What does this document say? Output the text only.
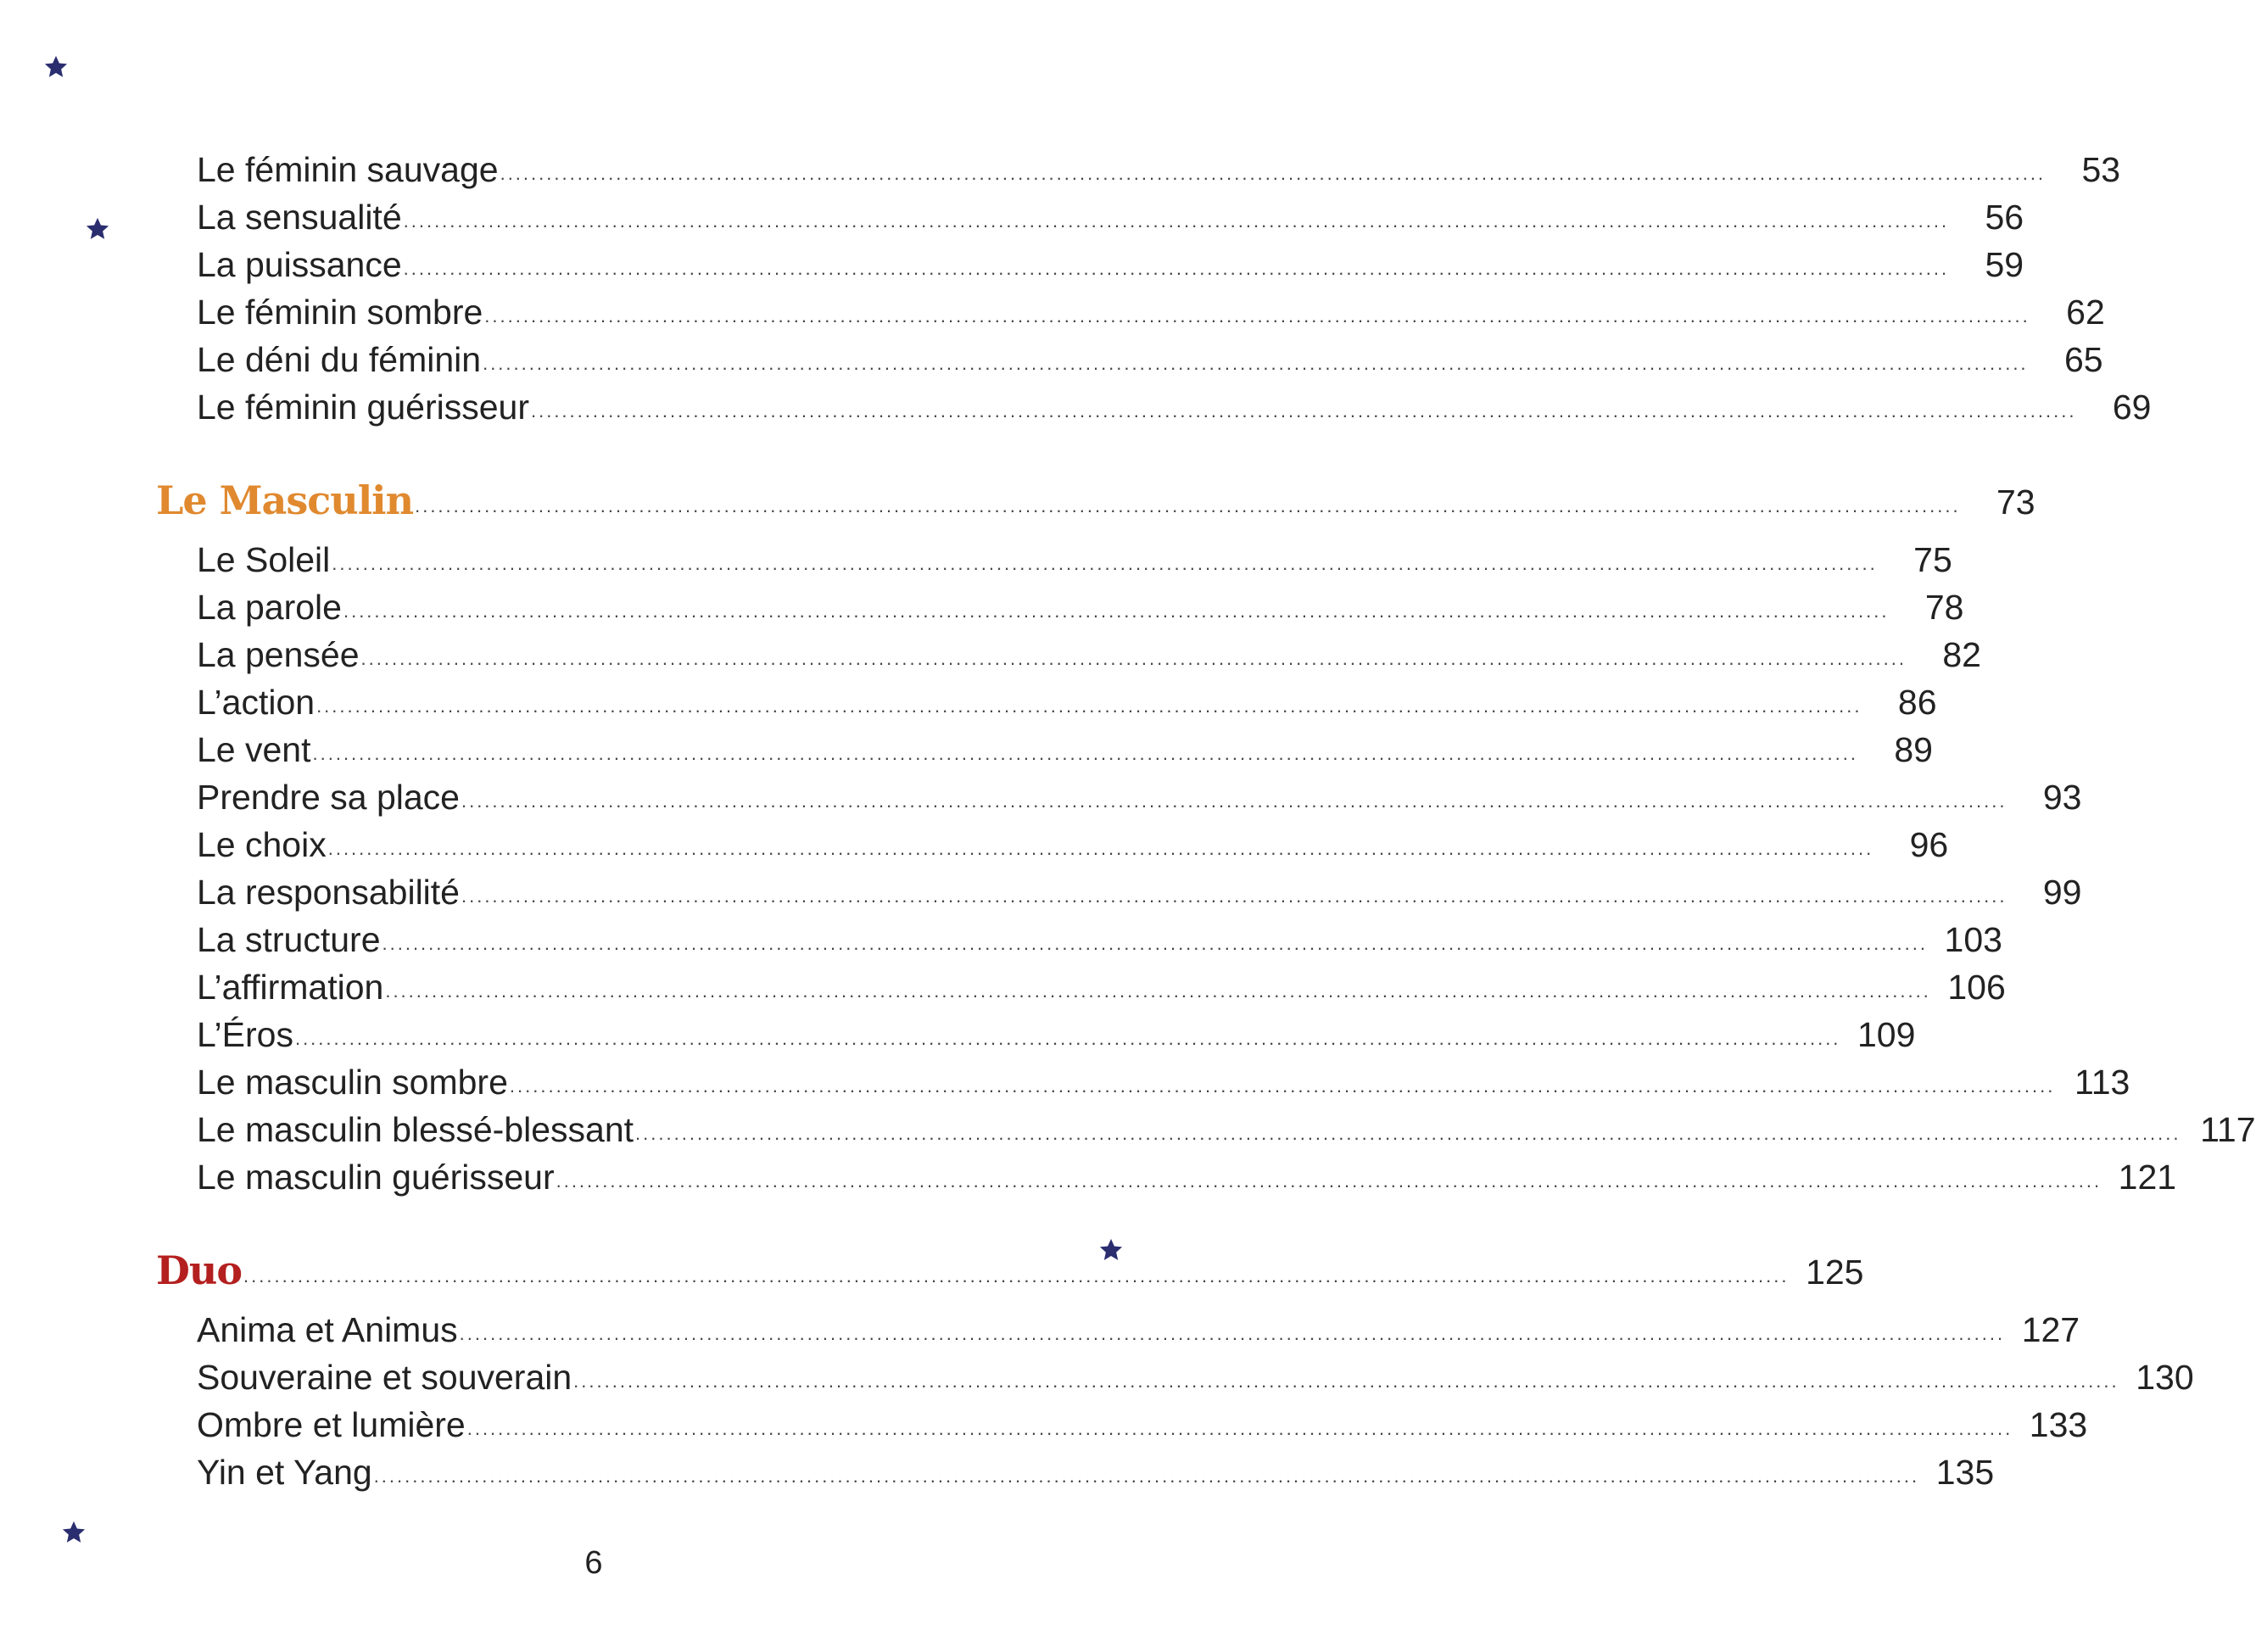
Le féminin sauvage ........................................................................................................................................................................................................	53
La sensualité ........................................................................................................................................................................................................	56
La puissance ........................................................................................................................................................................................................	59
Le féminin sombre ........................................................................................................................................................................................................	62
Le déni du féminin ........................................................................................................................................................................................................	65
Le féminin guérisseur ........................................................................................................................................................................................................	69
Le Masculin ........................................................................................................................................................................................................	73
Le Soleil ........................................................................................................................................................................................................	75
La parole ........................................................................................................................................................................................................	78
La pensée ........................................................................................................................................................................................................	82
L’action ........................................................................................................................................................................................................	86
Le vent ........................................................................................................................................................................................................	89
Prendre sa place ........................................................................................................................................................................................................	93
Le choix ........................................................................................................................................................................................................	96
La responsabilité ........................................................................................................................................................................................................	99
La structure ........................................................................................................................................................................................................ 103
L’affirmation ........................................................................................................................................................................................................ 106
L’Éros ........................................................................................................................................................................................................ 109
Le masculin sombre ........................................................................................................................................................................................................ 113
Le masculin blessé-blessant ........................................................................................................................................................................................................ 117
Le masculin guérisseur ........................................................................................................................................................................................................ 121
Duo ........................................................................................................................................................................................................ 125
Anima et Animus ........................................................................................................................................................................................................ 127
Souveraine et souverain ........................................................................................................................................................................................................ 130
Ombre et lumière ........................................................................................................................................................................................................ 133
Yin et Yang ........................................................................................................................................................................................................ 135
6
